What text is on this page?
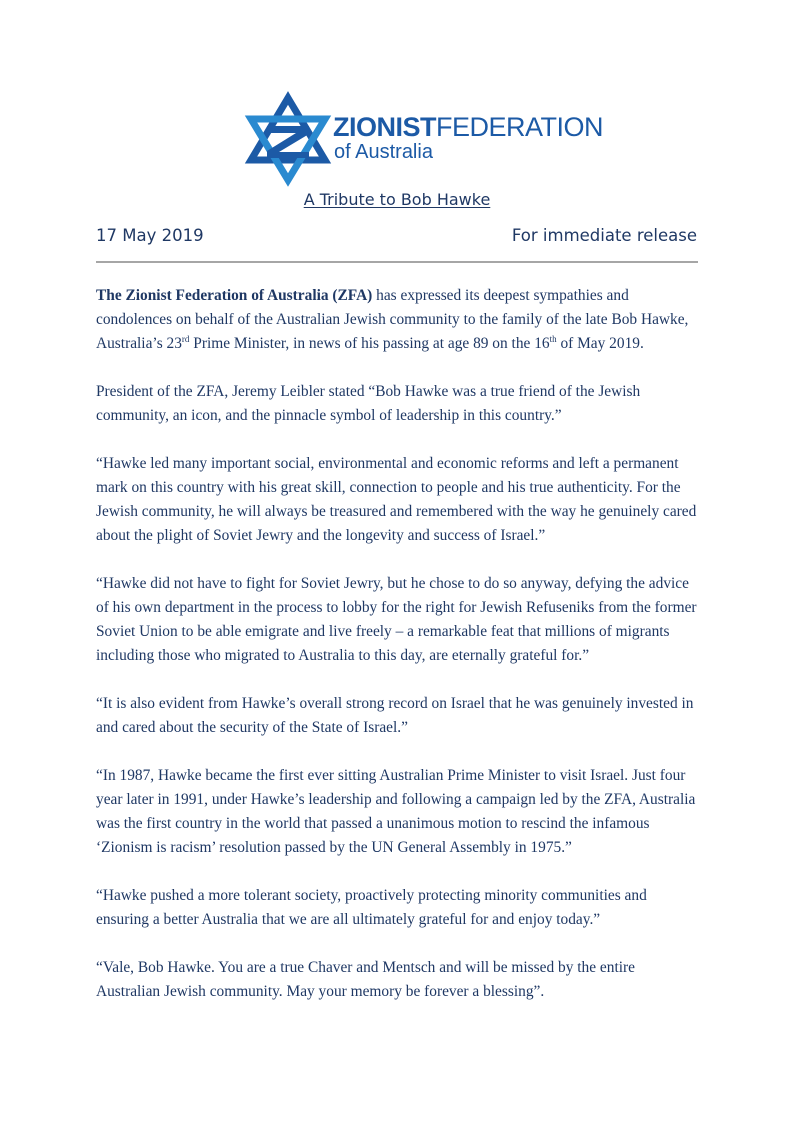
ZIONISTFEDERATION
of Australia
A Tribute to Bob Hawke
17 May 2019	For immediate release

The Zionist Federation of Australia (ZFA) has expressed its deepest sympathies and condolences on behalf of the Australian Jewish community to the family of the late Bob Hawke, Australia’s 23rd Prime Minister, in news of his passing at age 89 on the 16th of May 2019.

President of the ZFA, Jeremy Leibler stated “Bob Hawke was a true friend of the Jewish community, an icon, and the pinnacle symbol of leadership in this country.”

“Hawke led many important social, environmental and economic reforms and left a permanent mark on this country with his great skill, connection to people and his true authenticity. For the Jewish community, he will always be treasured and remembered with the way he genuinely cared about the plight of Soviet Jewry and the longevity and success of Israel.”

“Hawke did not have to fight for Soviet Jewry, but he chose to do so anyway, defying the advice of his own department in the process to lobby for the right for Jewish Refuseniks from the former Soviet Union to be able emigrate and live freely – a remarkable feat that millions of migrants including those who migrated to Australia to this day, are eternally grateful for.”

“It is also evident from Hawke’s overall strong record on Israel that he was genuinely invested in and cared about the security of the State of Israel.”

“In 1987, Hawke became the first ever sitting Australian Prime Minister to visit Israel. Just four year later in 1991, under Hawke’s leadership and following a campaign led by the ZFA, Australia was the first country in the world that passed a unanimous motion to rescind the infamous ‘Zionism is racism’ resolution passed by the UN General Assembly in 1975.”

“Hawke pushed a more tolerant society, proactively protecting minority communities and ensuring a better Australia that we are all ultimately grateful for and enjoy today.”

“Vale, Bob Hawke. You are a true Chaver and Mentsch and will be missed by the entire Australian Jewish community. May your memory be forever a blessing”.
